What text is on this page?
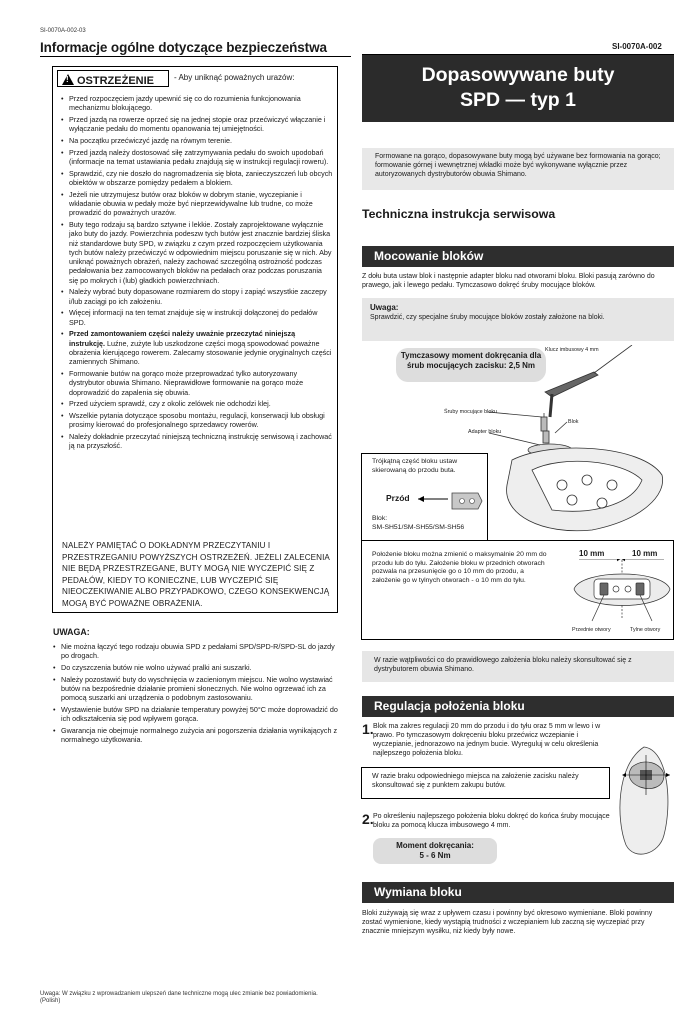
SI-0070A-002-03
Informacje ogólne dotyczące bezpieczeństwa
!OSTRZEŻENIE	- Aby uniknąć poważnych urazów:
• Przed rozpoczęciem jazdy upewnić się co do rozumienia funkcjonowania mechanizmu blokującego.
• Przed jazdą na rowerze oprzeć się na jednej stopie oraz przećwiczyć włączanie i wyłączanie pedału do momentu opanowania tej umiejętności.
• Na początku przećwiczyć jazdę na równym terenie.
• Przed jazdą należy dostosować siłę zatrzymywania pedału do swoich upodobań (informacje na temat ustawiania pedału znajdują się w instrukcji regulacji roweru).
• Sprawdzić, czy nie doszło do nagromadzenia się błota, zanieczyszczeń lub obcych obiektów w obszarze pomiędzy pedałem a blokiem.
• Jeżeli nie utrzymujesz butów oraz bloków w dobrym stanie, wyczepianie i wkładanie obuwia w pedały może być nieprzewidywalne lub trudne, co może prowadzić do poważnych urazów.
• Buty tego rodzaju są bardzo sztywne i lekkie. Zostały zaprojektowane wyłącznie jako buty do jazdy. Powierzchnia podeszw tych butów jest znacznie bardziej śliska niż standardowe buty SPD, w związku z czym przed rozpoczęciem użytkowania tych butów należy przećwiczyć w odpowiednim miejscu poruszanie się w nich. Aby uniknąć poważnych obrażeń, należy zachować szczególną ostrożność podczas pedałowania bez zamocowanych bloków na pedałach oraz podczas poruszania się po mokrych i (lub) gładkich powierzchniach.
• Należy wybrać buty dopasowane rozmiarem do stopy i zapiąć wszystkie zaczepy i/lub zaciągi po ich założeniu.
• Więcej informacji na ten temat znajduje się w instrukcji dołączonej do pedałów SPD.
• Przed zamontowaniem części należy uważnie przeczytać niniejszą instrukcję. Luźne, zużyte lub uszkodzone części mogą spowodować poważne obrażenia kierującego rowerem. Zalecamy stosowanie jedynie oryginalnych części zamiennych Shimano.
• Formowanie butów na gorąco może przeprowadzać tylko autoryzowany dystrybutor obuwia Shimano. Nieprawidłowe formowanie na gorąco może doprowadzić do zapalenia się obuwia.
• Przed użyciem sprawdź, czy z okolic zelówek nie odchodzi klej.
• Wszelkie pytania dotyczące sposobu montażu, regulacji, konserwacji lub obsługi prosimy kierować do profesjonalnego sprzedawcy rowerów.
• Należy dokładnie przeczytać niniejszą techniczną instrukcję serwisową i zachować ją na przyszłość.
NALEŻY PAMIĘTAĆ O DOKŁADNYM PRZECZYTANIU I PRZESTRZEGANIU POWYŻSZYCH OSTRZEŻEŃ. JEŻELI ZALECENIA NIE BĘDĄ PRZESTRZEGANE, BUTY MOGĄ NIE WYCZEPIĆ SIĘ Z PEDAŁÓW, KIEDY TO KONIECZNE, LUB WYCZEPIĆ SIĘ NIEOCZEKIWANIE ALBO PRZYPADKOWO, CZEGO KONSEKWENCJĄ MOGĄ BYĆ POWAŻNE OBRAŻENIA.
UWAGA:
• Nie można łączyć tego rodzaju obuwia SPD z pedałami SPD/SPD-R/SPD-SL do jazdy po drogach.
• Do czyszczenia butów nie wolno używać pralki ani suszarki.
• Należy pozostawić buty do wyschnięcia w zacienionym miejscu. Nie wolno wystawiać butów na bezpośrednie działanie promieni słonecznych. Nie wolno ogrzewać ich za pomocą suszarki ani urządzenia o podobnym zastosowaniu.
• Wystawienie butów SPD na działanie temperatury powyżej 50°C może doprowadzić do ich odkształcenia się pod wpływem gorąca.
• Gwarancja nie obejmuje normalnego zużycia ani pogorszenia działania wynikających z normalnego użytkowania.
Uwaga: W związku z wprowadzaniem ulepszeń dane techniczne mogą ulec zmianie bez powiadomienia. (Polish)
SI-0070A-002
Dopasowywane buty
SPD — typ 1
Formowane na gorąco, dopasowywane buty mogą być używane bez formowania na gorąco; formowanie górnej i wewnętrznej wkładki może być wykonywane wyłącznie przez autoryzowanych dystrybutorów obuwia Shimano.
Techniczna instrukcja serwisowa
Mocowanie bloków
Z dołu buta ustaw blok i następnie adapter bloku nad otworami bloku. Bloki pasują zarówno do prawego, jak i lewego pedału. Tymczasowo dokręć śruby mocujące bloków.
Uwaga:
Sprawdzić, czy specjalne śruby mocujące bloków zostały założone na bloki.
Tymczasowy moment dokręcania dla śrub mocujących zacisku: 2,5 Nm
Klucz imbusowy 4 mm
Śruby mocujące bloku
Blok
Adapter bloku
Trójkątną część bloku ustaw skierowaną do przodu buta.
Przód
Blok:
SM-SH51/SM-SH55/SM-SH56
Położenie bloku można zmienić o maksymalnie 20 mm do przodu lub do tyłu. Założenie bloku w przednich otworach pozwala na przesunięcie go o 10 mm do przodu, a założenie go w tylnych otworach - o 10 mm do tyłu.
10 mm	10 mm
Przednie otwory	Tylne otwory
W razie wątpliwości co do prawidłowego założenia bloku należy skonsultować się z dystrybutorem obuwia Shimano.
Regulacja położenia bloku
1. Blok ma zakres regulacji 20 mm do przodu i do tyłu oraz 5 mm w lewo i w prawo. Po tymczasowym dokręceniu bloku przećwicz wczepianie i wyczepianie, jednorazowo na jednym bucie. Wyreguluj w celu określenia najlepszego położenia bloku.
W razie braku odpowiedniego miejsca na założenie zacisku należy skonsultować się z punktem zakupu butów.
2. Po określeniu najlepszego położenia bloku dokręć do końca śruby mocujące bloku za pomocą klucza imbusowego 4 mm.
Moment dokręcania:
5 - 6 Nm
Wymiana bloku
Bloki zużywają się wraz z upływem czasu i powinny być okresowo wymieniane. Bloki powinny zostać wymienione, kiedy wystąpią trudności z wczepianiem lub zaczną się wyczepiać przy znacznie mniejszym wysiłku, niż kiedy były nowe.
